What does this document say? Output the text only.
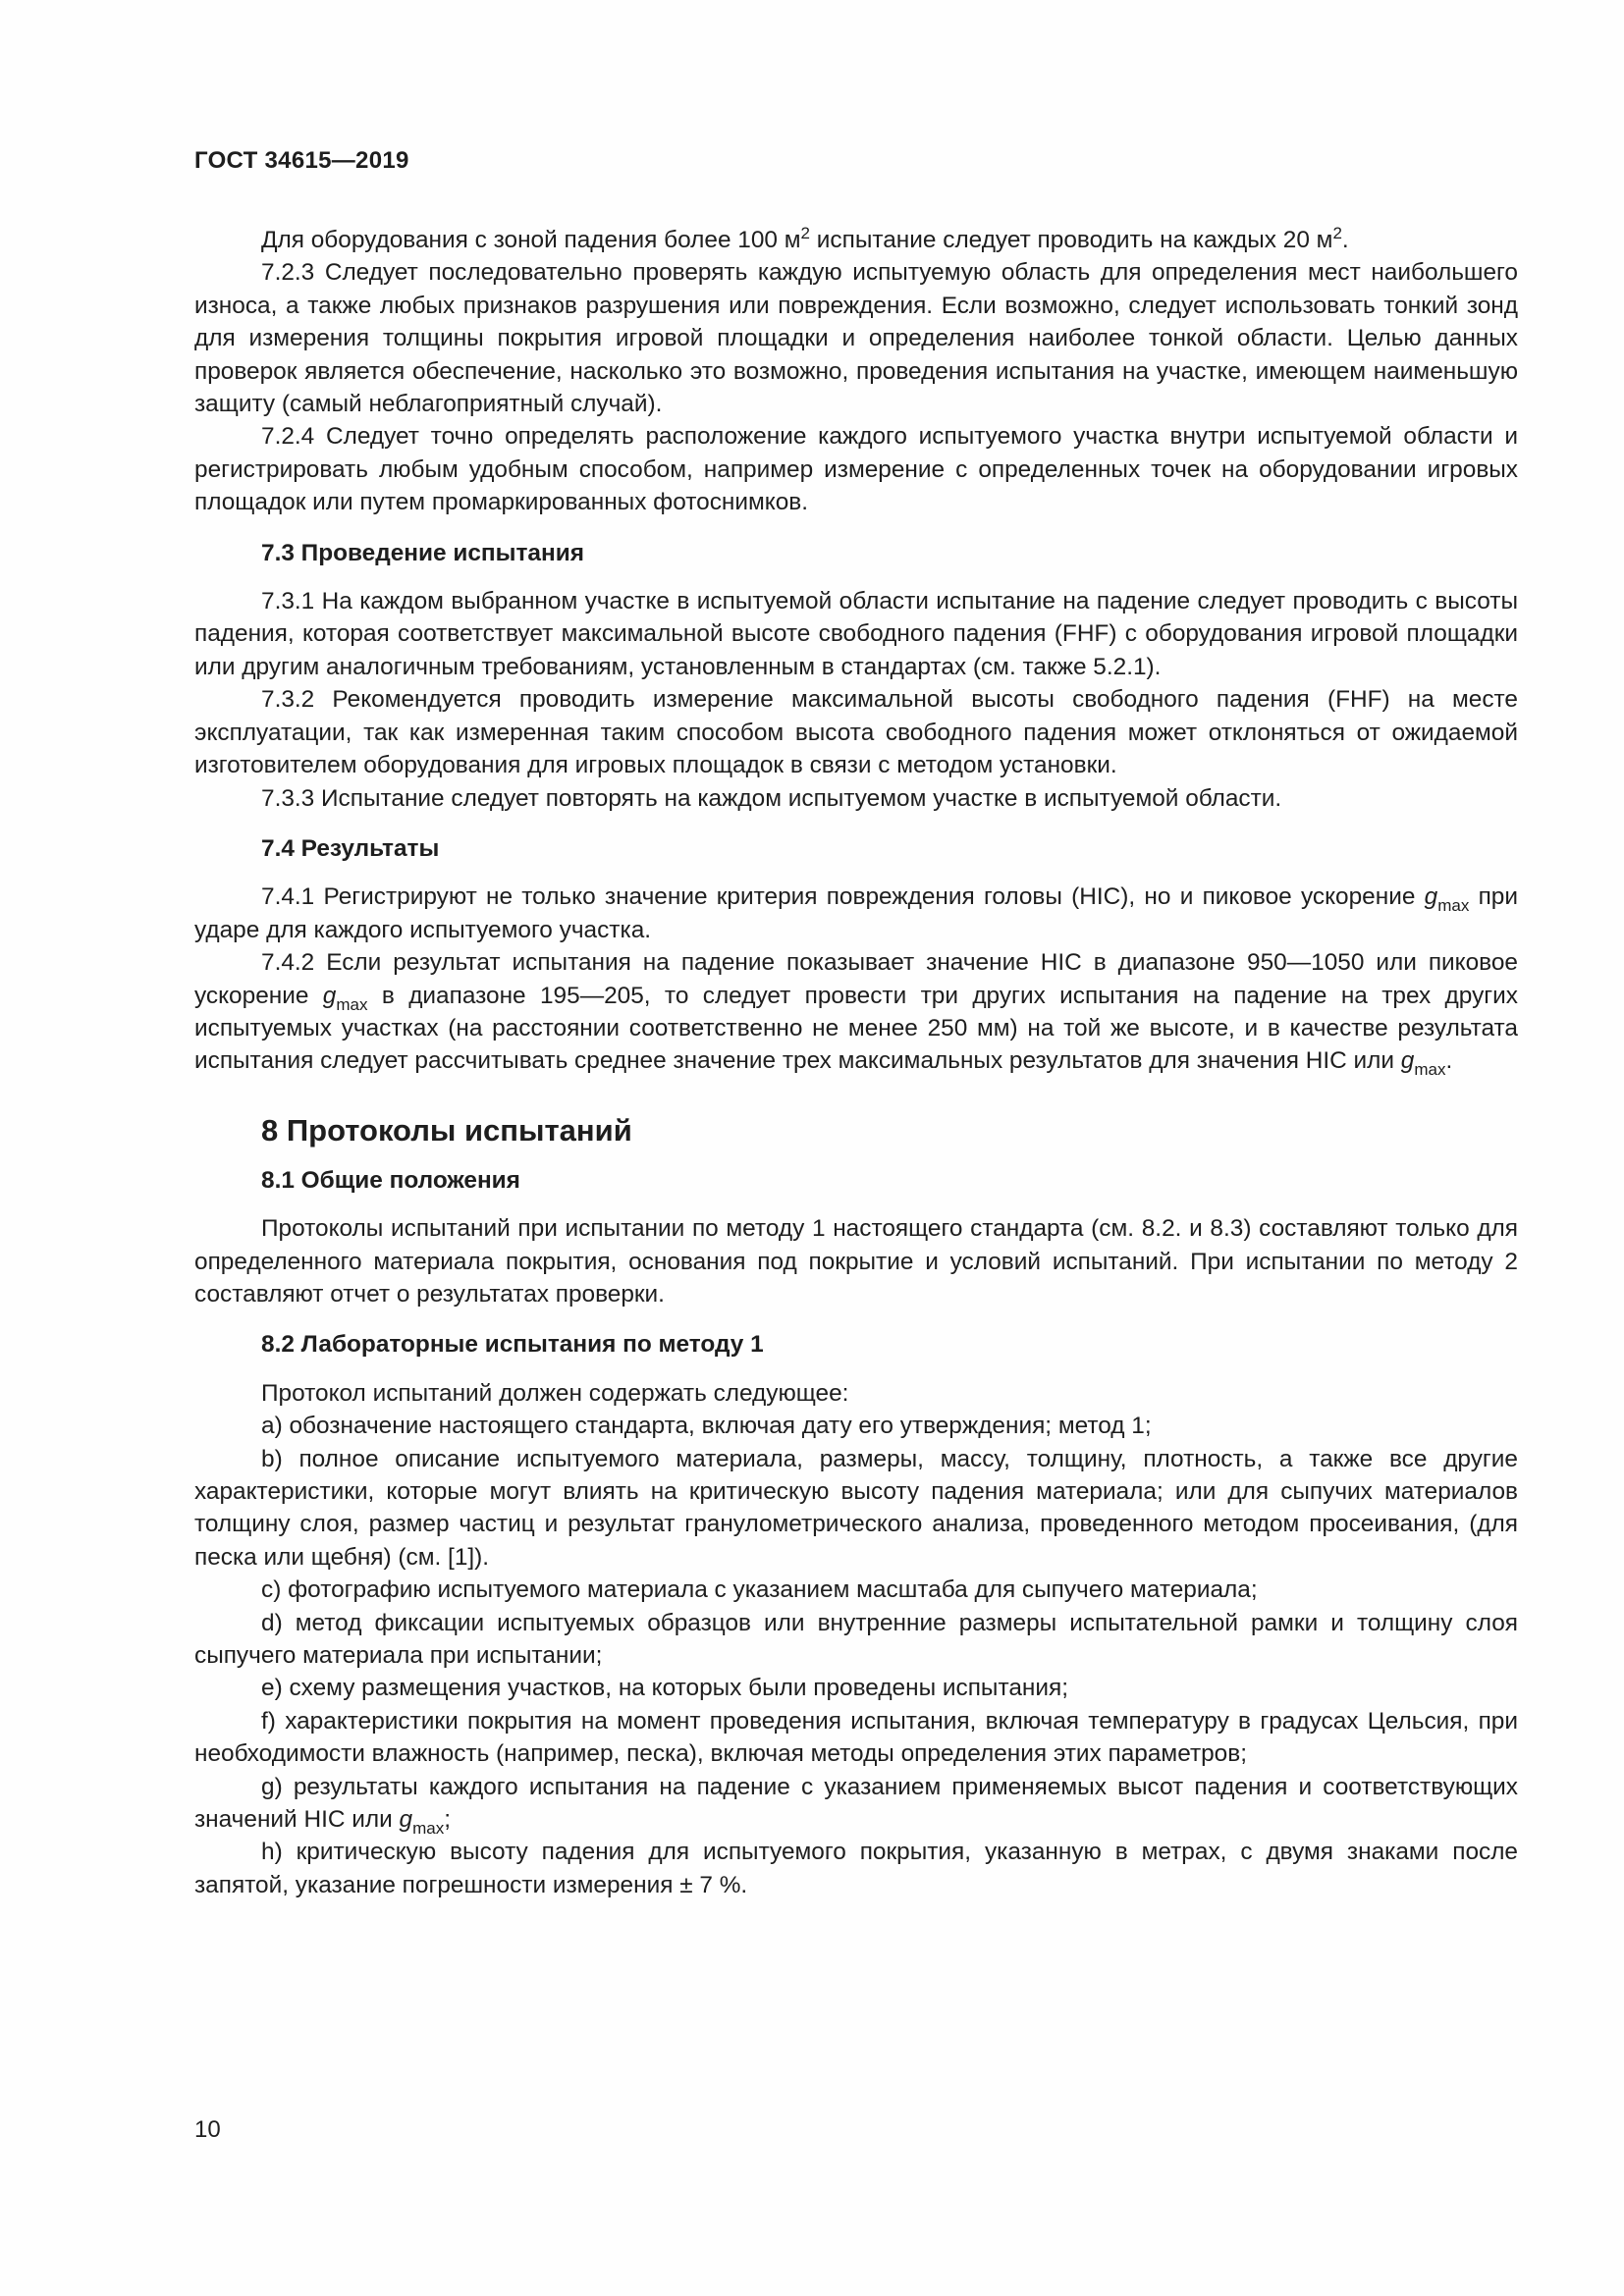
ГОСТ 34615—2019

Для оборудования с зоной падения более 100 $м^2$ испытание следует проводить на каждых 20 $м^2$.

7.2.3 Следует последовательно проверять каждую испытуемую область для определения мест наибольшего износа, а также любых признаков разрушения или повреждения. Если возможно, следует использовать тонкий зонд для измерения толщины покрытия игровой площадки и определения наиболее тонкой области. Целью данных проверок является обеспечение, насколько это возможно, проведения испытания на участке, имеющем наименьшую защиту (самый неблагоприятный случай).

7.2.4 Следует точно определять расположение каждого испытуемого участка внутри испытуемой области и регистрировать любым удобным способом, например измерение с определенных точек на оборудовании игровых площадок или путем промаркированных фотоснимков.

7.3 Проведение испытания

7.3.1 На каждом выбранном участке в испытуемой области испытание на падение следует проводить с высоты падения, которая соответствует максимальной высоте свободного падения (FHF) с оборудования игровой площадки или другим аналогичным требованиям, установленным в стандартах (см. также 5.2.1).

7.3.2 Рекомендуется проводить измерение максимальной высоты свободного падения (FHF) на месте эксплуатации, так как измеренная таким способом высота свободного падения может отклоняться от ожидаемой изготовителем оборудования для игровых площадок в связи с методом установки.

7.3.3 Испытание следует повторять на каждом испытуемом участке в испытуемой области.

7.4 Результаты

7.4.1 Регистрируют не только значение критерия повреждения головы (HIC), но и пиковое ускорение $g_{max}$ при ударе для каждого испытуемого участка.

7.4.2 Если результат испытания на падение показывает значение HIC в диапазоне 950—1050 или пиковое ускорение $g_{max}$ в диапазоне 195—205, то следует провести три других испытания на падение на трех других испытуемых участках (на расстоянии соответственно не менее 250 мм) на той же высоте, и в качестве результата испытания следует рассчитывать среднее значение трех максимальных результатов для значения HIC или $g_{max}$.

8 Протоколы испытаний
8.1 Общие положения

Протоколы испытаний при испытании по методу 1 настоящего стандарта (см. 8.2. и 8.3) составляют только для определенного материала покрытия, основания под покрытие и условий испытаний. При испытании по методу 2 составляют отчет о результатах проверки.

8.2 Лабораторные испытания по методу 1

Протокол испытаний должен содержать следующее:

a) обозначение настоящего стандарта, включая дату его утверждения; метод 1;

b) полное описание испытуемого материала, размеры, массу, толщину, плотность, а также все другие характеристики, которые могут влиять на критическую высоту падения материала; или для сыпучих материалов толщину слоя, размер частиц и результат гранулометрического анализа, проведенного методом просеивания, (для песка или щебня) (см. [1]).

c) фотографию испытуемого материала с указанием масштаба для сыпучего материала;

d) метод фиксации испытуемых образцов или внутренние размеры испытательной рамки и толщину слоя сыпучего материала при испытании;

e) схему размещения участков, на которых были проведены испытания;

f) характеристики покрытия на момент проведения испытания, включая температуру в градусах Цельсия, при необходимости влажность (например, песка), включая методы определения этих параметров;

g) результаты каждого испытания на падение с указанием применяемых высот падения и соответствующих значений HIC или $g_{max}$;

h) критическую высоту падения для испытуемого покрытия, указанную в метрах, с двумя знаками после запятой, указание погрешности измерения ± 7 %.

10
